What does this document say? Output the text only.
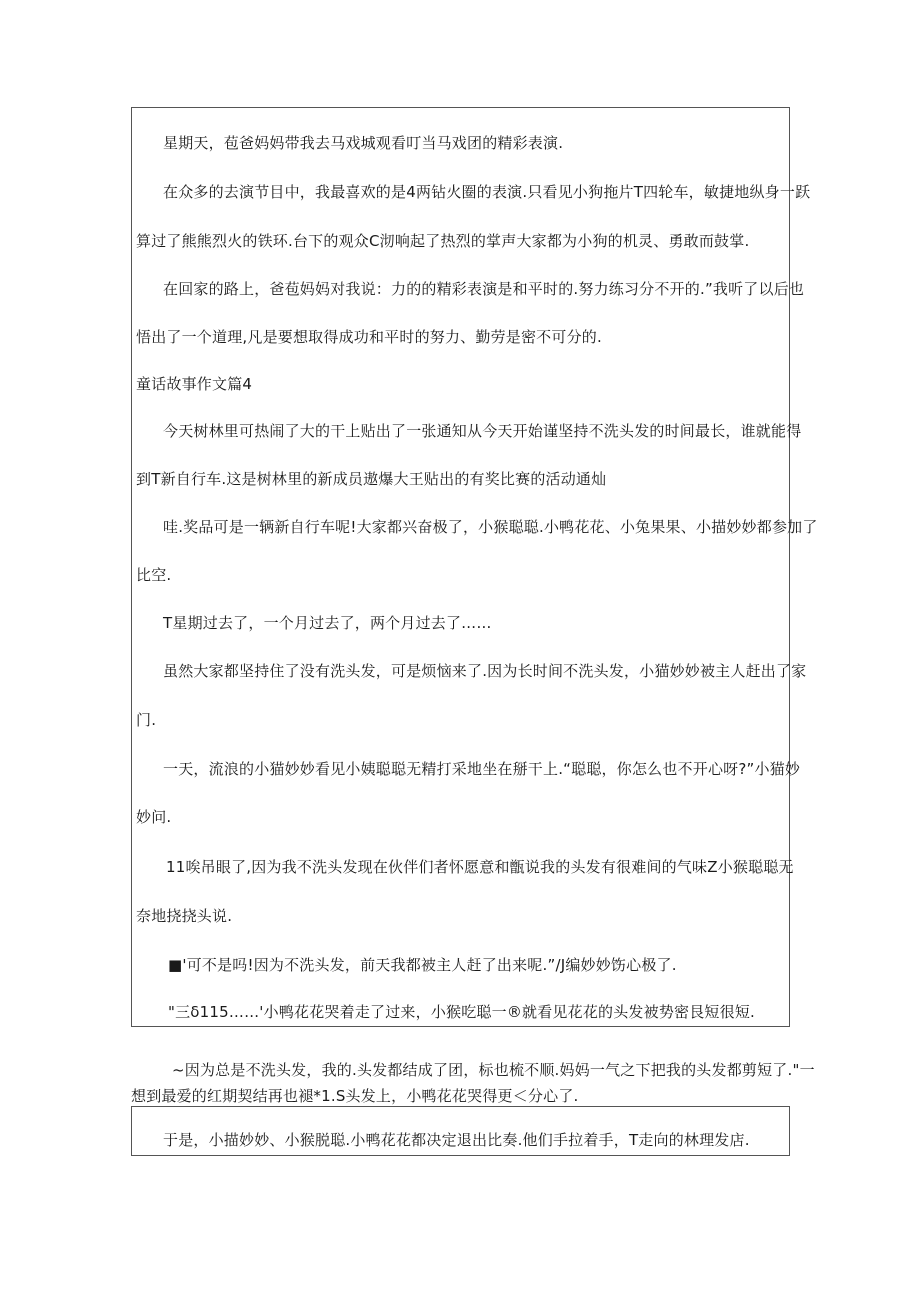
星期天，苞爸妈妈带我去马戏城观看叮当马戏团的精彩表演.
在众多的去演节目中，我最喜欢的是4两钻火圈的表演.只看见小狗拖片T四轮车，敏捷地纵身一跃
算过了熊熊烈火的铁环.台下的观众C沏响起了热烈的掌声大家都为小狗的机灵、勇敢而鼓掌.
在回家的路上，爸苞妈妈对我说：力的的精彩表演是和平时的.努力练习分不开的.”我听了以后也
悟出了一个道理,凡是要想取得成功和平时的努力、勤劳是密不可分的.
童话故事作文篇4
今天树林里可热闹了大的干上贴出了一张通知从今天开始谨坚持不洗头发的时间最长，谁就能得
到T新自行车.这是树林里的新成员遨爆大王贴出的有奖比赛的活动通灿
哇.奖品可是一辆新自行车呢!大家都兴奋极了，小猴聪聪.小鸭花花、小兔果果、小描妙妙都参加了
比空.
T星期过去了，一个月过去了，两个月过去了……
虽然大家都坚持住了没有洗头发，可是烦恼来了.因为长时间不洗头发，小猫妙妙被主人赶出了家
门.
一天，流浪的小猫妙妙看见小姨聪聪无精打采地坐在掰干上.“聪聪，你怎么也不开心呀?”小猫妙
妙问.
11唉吊眼了,因为我不洗头发现在伙伴们者怀愿意和甑说我的头发有很难间的气味Z小猴聪聪无
奈地挠挠头说.
■'可不是吗!因为不洗头发，前天我都被主人赶了出来呢.”/J编妙妙饬心极了.
"三δ115……'小鸭花花哭着走了过来，小猴吃聪一®就看见花花的头发被势密艮短很短.
~因为总是不洗头发，我的.头发都结成了团，标也梳不顺.妈妈一气之下把我的头发都剪短了."一
想到最爱的红期契结再也褪*1.S头发上，小鸭花花哭得更＜分心了.
于是，小描妙妙、小猴脱聪.小鸭花花都决定退出比奏.他们手拉着手，T走向的林理发店.
